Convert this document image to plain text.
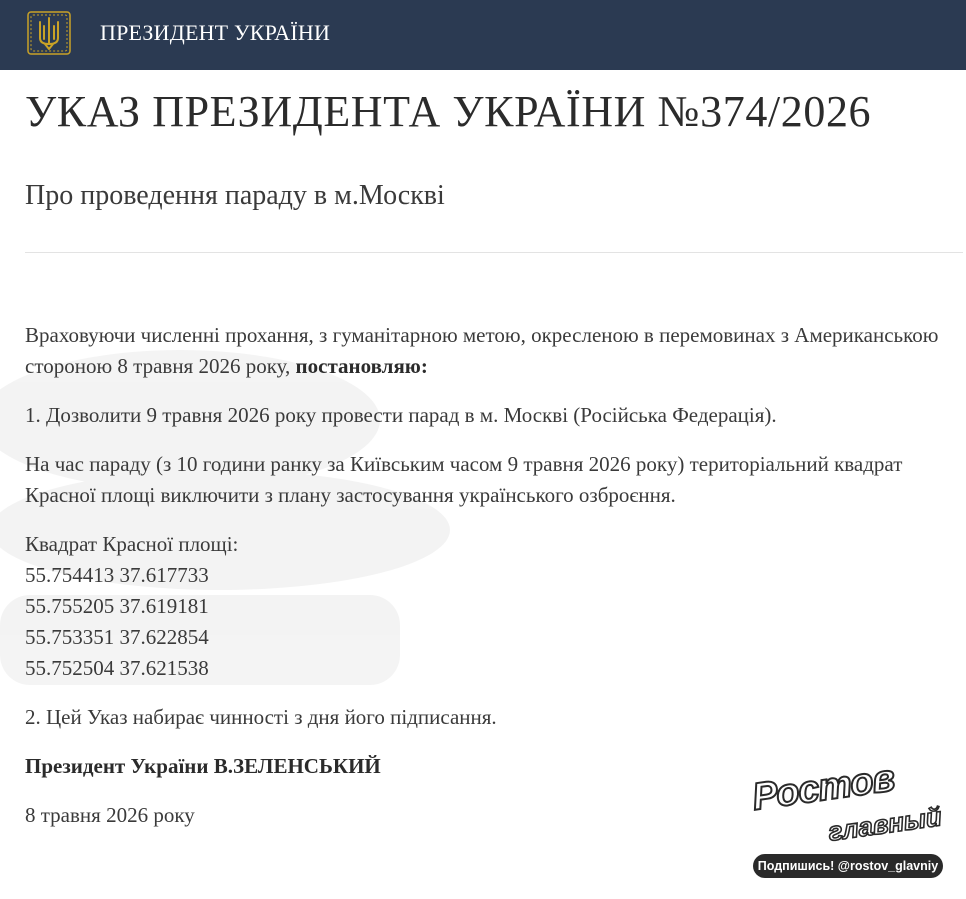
ПРЕЗИДЕНТ УКРАЇНИ
УКАЗ ПРЕЗИДЕНТА УКРАЇНИ №374/2026
Про проведення параду в м.Москві

Враховуючи численні прохання, з гуманітарною метою, окресленою в перемовинах з Американською стороною 8 травня 2026 року, постановляю:

1. Дозволити 9 травня 2026 року провести парад в м. Москві (Російська Федерація).

На час параду (з 10 години ранку за Київським часом 9 травня 2026 року) територіальний квадрат Красної площі виключити з плану застосування українського озброєння.

Квадрат Красної площі:
55.754413 37.617733
55.755205 37.619181
55.753351 37.622854
55.752504 37.621538

2. Цей Указ набирає чинності з дня його підписання.

Президент України В.ЗЕЛЕНСЬКИЙ

8 травня 2026 року	Ростов
главный
Подпишись! @rostov_glavniy
